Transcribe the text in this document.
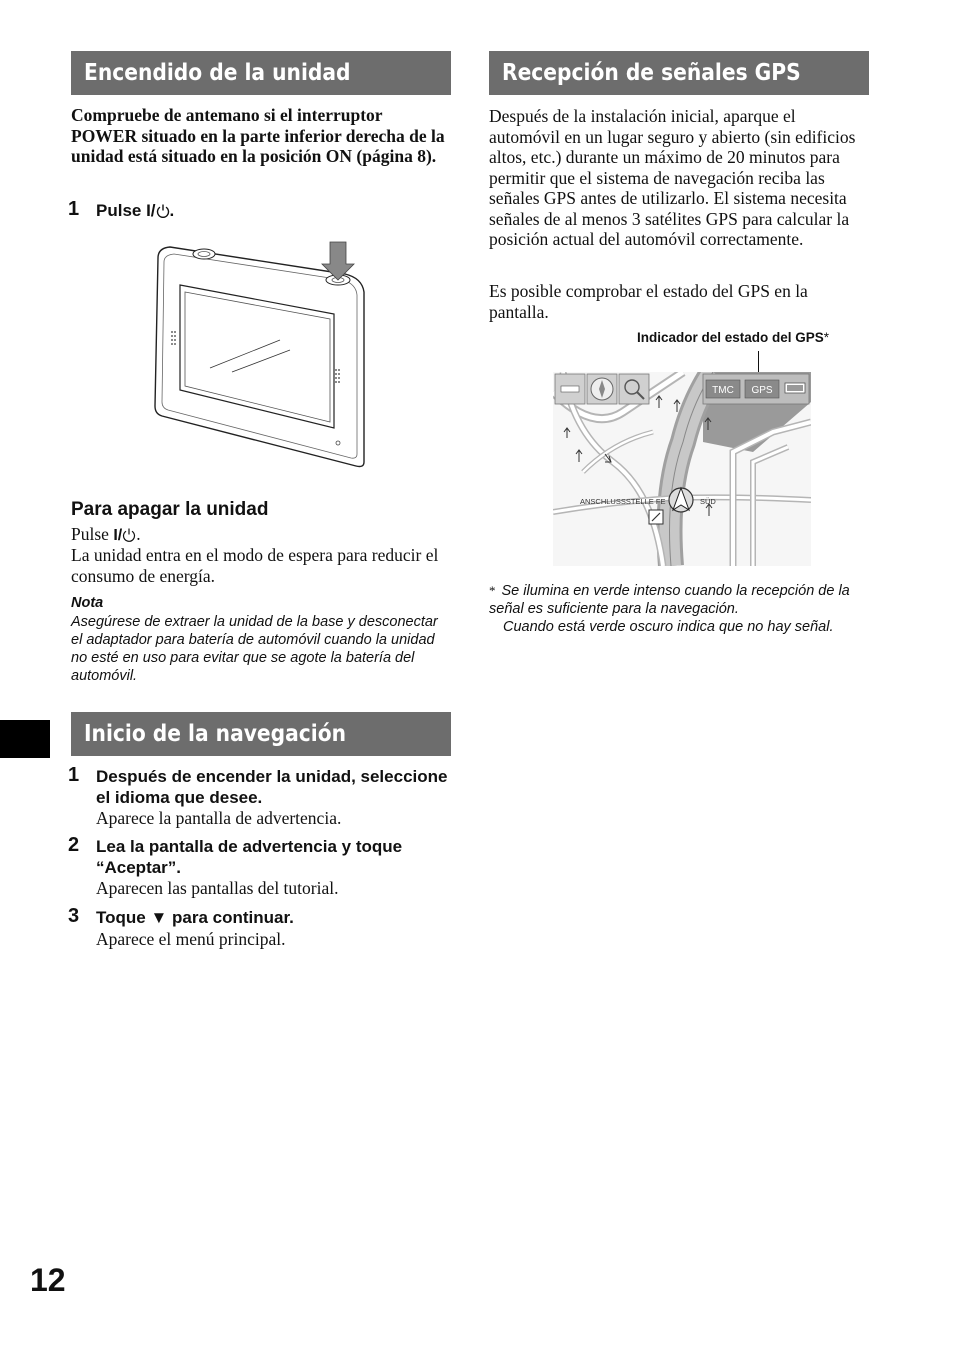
Encendido de la unidad
Compruebe de antemano si el interruptor POWER situado en la parte inferior derecha de la unidad está situado en la posición ON (página 8).
1 Pulse I/ .
Para apagar la unidad
Pulse I/ .
La unidad entra en el modo de espera para reducir el consumo de energía.
Nota
Asegúrese de extraer la unidad de la base y desconectar el adaptador para batería de automóvil cuando la unidad no esté en uso para evitar que se agote la batería del automóvil.
Inicio de la navegación
1 Después de encender la unidad, seleccione el idioma que desee.
Aparece la pantalla de advertencia.
2 Lea la pantalla de advertencia y toque “Aceptar”.
Aparecen las pantallas del tutorial.
3 Toque ▼ para continuar.
Aparece el menú principal.
Recepción de señales GPS
Después de la instalación inicial, aparque el automóvil en un lugar seguro y abierto (sin edificios altos, etc.) durante un máximo de 20 minutos para permitir que el sistema de navegación reciba las señales GPS antes de utilizarlo. El sistema necesita señales de al menos 3 satélites GPS para calcular la posición actual del automóvil correctamente.
Es posible comprobar el estado del GPS en la pantalla.
Indicador del estado del GPS*
TMC GPS
ANSCHLUSSSTELLE FE	SÜD
* Se ilumina en verde intenso cuando la recepción de la señal es suficiente para la navegación.
Cuando está verde oscuro indica que no hay señal.
12
